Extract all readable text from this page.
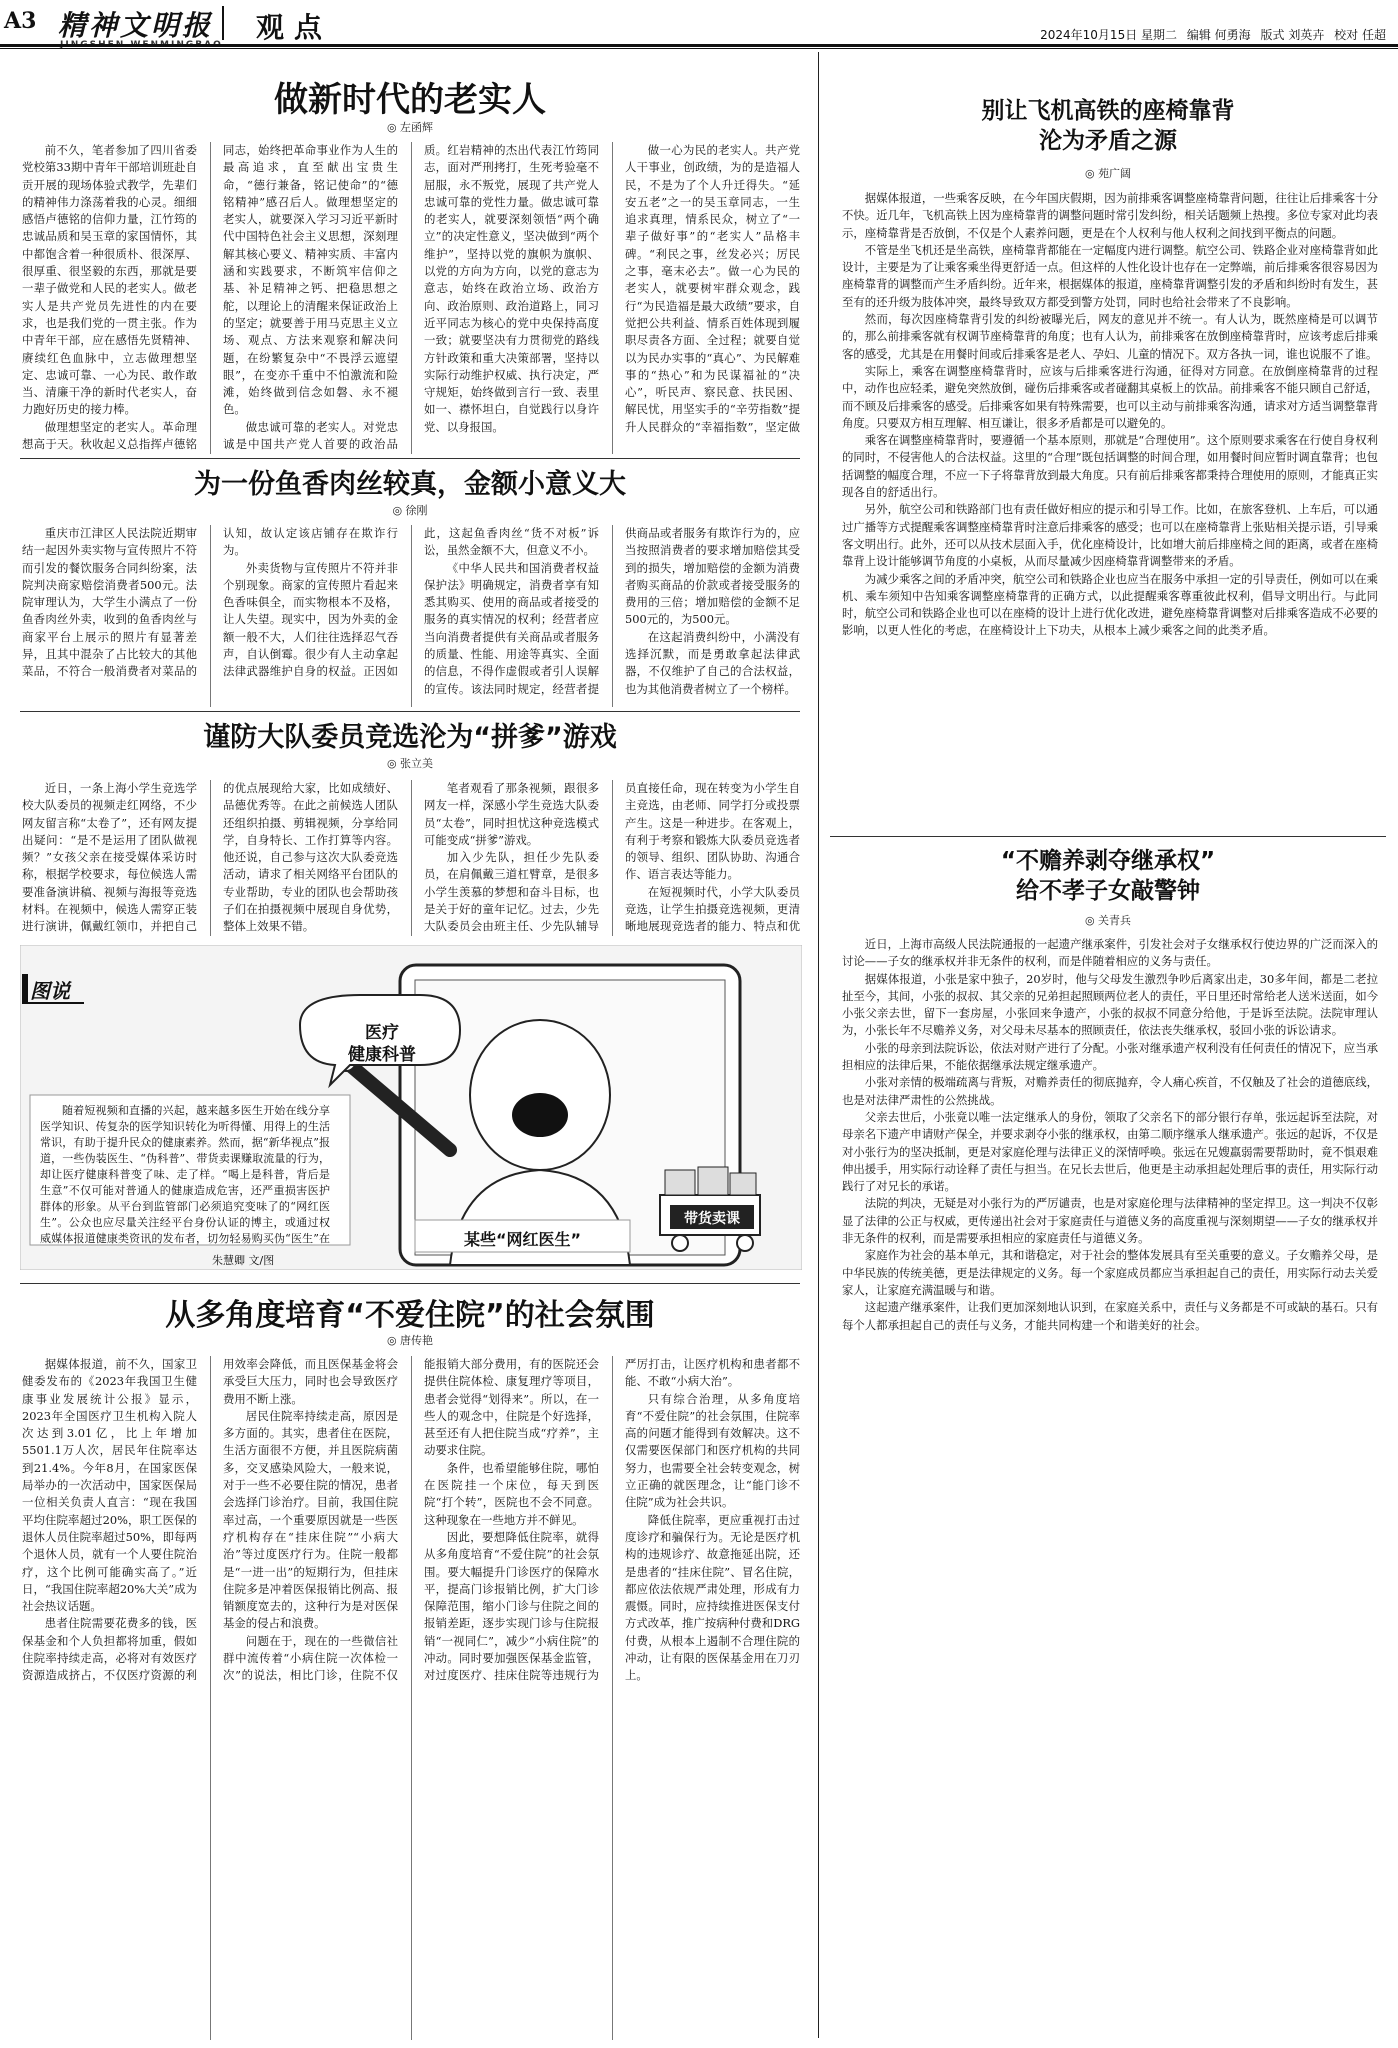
A3 精神文明报 观点	2024年10月15日 星期二 编辑 何勇海 版式 刘英卉 校对 任超
做新时代的老实人
◎ 左函辉

前不久，笔者参加了四川省委党校第33期中青年干部培训班赴自贡开展的现场体验式教学，先辈们的精神伟力涤荡着我的心灵。细细感悟卢德铭的信仰力量，江竹筠的忠诚品质和吴玉章的家国情怀，其中都饱含着一种很质朴、很深厚、很厚重、很坚毅的东西，那就是要一辈子做党和人民的老实人。做老实人是共产党员先进性的内在要求，也是我们党的一贯主张。作为中青年干部，应在感悟先贤精神、赓续红色血脉中，立志做理想坚定、忠诚可靠、一心为民、敢作敢当、清廉干净的新时代老实人，奋力跑好历史的接力棒。

做理想坚定的老实人。革命理想高于天。秋收起义总指挥卢德铭同志，始终把革命事业作为人生的最高追求，直至献出宝贵生命，“德行兼备，铭记使命”的“德铭精神”感召后人。做理想坚定的老实人，就要深入学习习近平新时代中国特色社会主义思想，深刻理解其核心要义、精神实质、丰富内涵和实践要求，不断筑牢信仰之基、补足精神之钙、把稳思想之舵，以理论上的清醒来保证政治上的坚定；就要善于用马克思主义立场、观点、方法来观察和解决问题，在纷繁复杂中“不畏浮云遮望眼”，在变亦千重中不怕激流和险滩，始终做到信念如磐、永不褪色。

做忠诚可靠的老实人。对党忠诚是中国共产党人首要的政治品质。红岩精神的杰出代表江竹筠同志，面对严刑拷打，生死考验毫不屈服，永不叛党，展现了共产党人忠诚可靠的党性力量。做忠诚可靠的老实人，就要深刻领悟“两个确立”的决定性意义，坚决做到“两个维护”，坚持以党的旗帜为旗帜、以党的方向为方向，以党的意志为意志，始终在政治立场、政治方向、政治原则、政治道路上，同习近平同志为核心的党中央保持高度一致；就要坚决有力贯彻党的路线方针政策和重大决策部署，坚持以实际行动维护权威、执行决定，严守规矩，始终做到言行一致、表里如一、襟怀坦白，自觉践行以身许党、以身报国。

做一心为民的老实人。共产党人干事业，创政绩，为的是造福人民，不是为了个人升迁得失。“延安五老”之一的吴玉章同志，一生追求真理，情系民众，树立了“一辈子做好事”的“老实人”品格丰碑。“利民之事，丝发必兴；厉民之事，毫末必去”。做一心为民的老实人，就要树牢群众观念，践行“为民造福是最大政绩”要求，自觉把公共利益、情系百姓体现到履职尽责各方面、全过程；就要自觉以为民办实事的“真心”、为民解难事的“热心”和为民谋福祉的“决心”，听民声、察民意、扶民困、解民忧，用坚实手的“辛劳指数”提升人民群众的“幸福指数”，坚定做

为一份鱼香肉丝较真，金额小意义大
◎ 徐刚

重庆市江津区人民法院近期审结一起因外卖实物与宣传照片不符而引发的餐饮服务合同纠纷案，法院判决商家赔偿消费者500元。法院审理认为，大学生小满点了一份鱼香肉丝外卖，收到的鱼香肉丝与商家平台上展示的照片有显著差异，且其中混杂了占比较大的其他菜品，不符合一般消费者对菜品的认知，故认定该店铺存在欺诈行为。

外卖货物与宣传照片不符并非个别现象。商家的宣传照片看起来色香味俱全，而实物根本不及格，让人失望。现实中，因为外卖的金额一般不大，人们往往选择忍气吞声，自认倒霉。很少有人主动拿起法律武器维护自身的权益。正因如此，这起鱼香肉丝“货不对板”诉讼，虽然金额不大，但意义不小。

《中华人民共和国消费者权益保护法》明确规定，消费者享有知悉其购买、使用的商品或者接受的服务的真实情况的权利；经营者应当向消费者提供有关商品或者服务的质量、性能、用途等真实、全面的信息，不得作虚假或者引人误解的宣传。该法同时规定，经营者提供商品或者服务有欺诈行为的，应当按照消费者的要求增加赔偿其受到的损失，增加赔偿的金额为消费者购买商品的价款或者接受服务的费用的三倍；增加赔偿的金额不足500元的，为500元。

在这起消费纠纷中，小满没有选择沉默，而是勇敢拿起法律武器，不仅维护了自己的合法权益，也为其他消费者树立了一个榜样。

谨防大队委员竞选沦为“拼爹”游戏
◎ 张立美

近日，一条上海小学生竞选学校大队委员的视频走红网络，不少网友留言称“太卷了”，还有网友提出疑问：“是不是运用了团队做视频？”女孩父亲在接受媒体采访时称，根据学校要求，每位候选人需要准备演讲稿、视频与海报等竞选材料。在视频中，候选人需穿正装进行演讲，佩戴红领巾，并把自己的优点展现给大家，比如成绩好、品德优秀等。在此之前候选人团队还组织拍摄、剪辑视频，分享给同学，自身特长、工作打算等内容。他还说，自己参与这次大队委竞选活动，请求了相关网络平台团队的专业帮助，专业的团队也会帮助孩子们在拍摄视频中展现自身优势，整体上效果不错。

笔者观看了那条视频，跟很多网友一样，深感小学生竞选大队委员“太卷”，同时担忧这种竞选模式可能变成“拼爹”游戏。

加入少先队，担任少先队委员，在肩佩戴三道杠臂章，是很多小学生羡慕的梦想和奋斗目标，也是关于好的童年记忆。过去，少先大队委员会由班主任、少先队辅导员直接任命，现在转变为小学生自主竞选，由老师、同学打分或投票产生。这是一种进步。在客观上，有利于考察和锻炼大队委员竞选者的领导、组织、团队协助、沟通合作、语言表达等能力。

在短视频时代，小学大队委员竞选，让学生拍摄竞选视频，更清晰地展现竞选者的能力、特点和优

图说
医疗
健康科普
带货卖课
某些“网红医生”

随着短视频和直播的兴起，越来越多医生开始在线分享医学知识、传复杂的医学知识转化为听得懂、用得上的生活常识，有助于提升民众的健康素养。然而，据“新华视点”报道，一些伪装医生、“伪科普”、带货卖课赚取流量的行为，却让医疗健康科普变了味、走了样。“喝上是科普，背后是生意”不仅可能对普通人的健康造成危害，还严重损害医护群体的形象。从平台到监管部门必须追究变味了的“网红医生”。公众也应尽量关注经平台身份认证的博主，或通过权威媒体报道健康类资讯的发布者，切勿轻易购买伪“医生”在

朱慧卿 文/图
从多角度培育“不爱住院”的社会氛围
◎ 唐传艳

据媒体报道，前不久，国家卫健委发布的《2023年我国卫生健康事业发展统计公报》显示，2023年全国医疗卫生机构入院人次达到3.01亿，比上年增加5501.1万人次，居民年住院率达到21.4%。今年8月，在国家医保局举办的一次活动中，国家医保局一位相关负责人直言：“现在我国平均住院率超过20%，职工医保的退休人员住院率超过50%，即每两个退休人员，就有一个人要住院治疗，这个比例可能确实高了。”近日，“我国住院率超20%大关”成为社会热议话题。

患者住院需要花费多的钱，医保基金和个人负担都将加重，假如住院率持续走高，必将对有效医疗资源造成挤占，不仅医疗资源的利用效率会降低，而且医保基金将会承受巨大压力，同时也会导致医疗费用不断上涨。

居民住院率持续走高，原因是多方面的。其实，患者住在医院，生活方面很不方便，并且医院病菌多，交叉感染风险大，一般来说，对于一些不必要住院的情况，患者会选择门诊治疗。目前，我国住院率过高，一个重要原因就是一些医疗机构存在“挂床住院”“小病大治”等过度医疗行为。住院一般都是“一进一出”的短期行为，但挂床住院多是冲着医保报销比例高、报销额度宽去的，这种行为是对医保基金的侵占和浪费。

问题在于，现在的一些微信社群中流传着“小病住院一次体检一次”的说法，相比门诊，住院不仅能报销大部分费用，有的医院还会提供住院体检、康复理疗等项目，患者会觉得“划得来”。所以，在一些人的观念中，住院是个好选择，甚至还有人把住院当成“疗养”，主动要求住院。

条件，也希望能够住院，哪怕在医院挂一个床位，每天到医院“打个转”，医院也不会不同意。这种现象在一些地方并不鲜见。

因此，要想降低住院率，就得从多角度培育“不爱住院”的社会氛围。要大幅提升门诊医疗的保障水平，提高门诊报销比例，扩大门诊保障范围，缩小门诊与住院之间的报销差距，逐步实现门诊与住院报销“一视同仁”，减少“小病住院”的冲动。同时要加强医保基金监管，对过度医疗、挂床住院等违规行为严厉打击，让医疗机构和患者都不能、不敢“小病大治”。

只有综合治理，从多角度培育“不爱住院”的社会氛围，住院率高的问题才能得到有效解决。这不仅需要医保部门和医疗机构的共同努力，也需要全社会转变观念，树立正确的就医理念，让“能门诊不住院”成为社会共识。

降低住院率，更应重视打击过度诊疗和骗保行为。无论是医疗机构的违规诊疗、故意拖延出院，还是患者的“挂床住院”、冒名住院，都应依法依规严肃处理，形成有力震慑。同时，应持续推进医保支付方式改革，推广按病种付费和DRG付费，从根本上遏制不合理住院的冲动，让有限的医保基金用在刀刃上。

别让飞机高铁的座椅靠背
沦为矛盾之源
◎ 苑广阔

据媒体报道，一些乘客反映，在今年国庆假期，因为前排乘客调整座椅靠背问题，往往让后排乘客十分不快。近几年，飞机高铁上因为座椅靠背的调整问题时常引发纠纷，相关话题频上热搜。多位专家对此均表示，座椅靠背是否放倒，不仅是个人素养问题，更是在个人权利与他人权利之间找到平衡点的问题。

不管是坐飞机还是坐高铁，座椅靠背都能在一定幅度内进行调整。航空公司、铁路企业对座椅靠背如此设计，主要是为了让乘客乘坐得更舒适一点。但这样的人性化设计也存在一定弊端，前后排乘客很容易因为座椅靠背的调整而产生矛盾纠纷。近年来，根据媒体的报道，座椅靠背调整引发的矛盾和纠纷时有发生，甚至有的还升级为肢体冲突，最终导致双方都受到警方处罚，同时也给社会带来了不良影响。

然而，每次因座椅靠背引发的纠纷被曝光后，网友的意见并不统一。有人认为，既然座椅是可以调节的，那么前排乘客就有权调节座椅靠背的角度；也有人认为，前排乘客在放倒座椅靠背时，应该考虑后排乘客的感受，尤其是在用餐时间或后排乘客是老人、孕妇、儿童的情况下。双方各执一词，谁也说服不了谁。

实际上，乘客在调整座椅靠背时，应该与后排乘客进行沟通，征得对方同意。在放倒座椅靠背的过程中，动作也应轻柔，避免突然放倒，碰伤后排乘客或者碰翻其桌板上的饮品。前排乘客不能只顾自己舒适，而不顾及后排乘客的感受。后排乘客如果有特殊需要，也可以主动与前排乘客沟通，请求对方适当调整靠背角度。只要双方相互理解、相互谦让，很多矛盾都是可以避免的。

乘客在调整座椅靠背时，要遵循一个基本原则，那就是“合理使用”。这个原则要求乘客在行使自身权利的同时，不侵害他人的合法权益。这里的“合理”既包括调整的时间合理，如用餐时间应暂时调直靠背；也包括调整的幅度合理，不应一下子将靠背放到最大角度。只有前后排乘客都秉持合理使用的原则，才能真正实现各自的舒适出行。

另外，航空公司和铁路部门也有责任做好相应的提示和引导工作。比如，在旅客登机、上车后，可以通过广播等方式提醒乘客调整座椅靠背时注意后排乘客的感受；也可以在座椅靠背上张贴相关提示语，引导乘客文明出行。此外，还可以从技术层面入手，优化座椅设计，比如增大前后排座椅之间的距离，或者在座椅靠背上设计能够调节角度的小桌板，从而尽量减少因座椅靠背调整带来的矛盾。

为减少乘客之间的矛盾冲突，航空公司和铁路企业也应当在服务中承担一定的引导责任，例如可以在乘机、乘车须知中告知乘客调整座椅靠背的正确方式，以此提醒乘客尊重彼此权利，倡导文明出行。与此同时，航空公司和铁路企业也可以在座椅的设计上进行优化改进，避免座椅靠背调整对后排乘客造成不必要的影响，以更人性化的考虑，在座椅设计上下功夫，从根本上减少乘客之间的此类矛盾。

“不赡养剥夺继承权”
给不孝子女敲警钟
◎ 关青兵

近日，上海市高级人民法院通报的一起遗产继承案件，引发社会对子女继承权行使边界的广泛而深入的讨论——子女的继承权并非无条件的权利，而是伴随着相应的义务与责任。

据媒体报道，小张是家中独子，20岁时，他与父母发生激烈争吵后离家出走，30多年间，都是二老拉扯至今，其间，小张的叔叔、其父亲的兄弟担起照顾两位老人的责任，平日里还时常给老人送米送面，如今小张父亲去世，留下一套房屋，小张回来争遗产，小张的叔叔不同意分给他，于是诉至法院。法院审理认为，小张长年不尽赡养义务，对父母未尽基本的照顾责任，依法丧失继承权，驳回小张的诉讼请求。

小张的母亲到法院诉讼，依法对财产进行了分配。小张对继承遗产权利没有任何责任的情况下，应当承担相应的法律后果，不能依据继承法规定继承遗产。

小张对亲情的极端疏离与背叛，对赡养责任的彻底抛弃，令人痛心疾首，不仅触及了社会的道德底线，也是对法律严肃性的公然挑战。

父亲去世后，小张竟以唯一法定继承人的身份，领取了父亲名下的部分银行存单，张远起诉至法院，对母亲名下遗产申请财产保全，并要求剥夺小张的继承权，由第二顺序继承人继承遗产。张远的起诉，不仅是对小张行为的坚决抵制，更是对家庭伦理与法律正义的深情呼唤。张远在兄嫂羸弱需要帮助时，竟不惧艰难伸出援手，用实际行动诠释了责任与担当。在兄长去世后，他更是主动承担起处理后事的责任，用实际行动践行了对兄长的承诺。

法院的判决，无疑是对小张行为的严厉谴责，也是对家庭伦理与法律精神的坚定捍卫。这一判决不仅彰显了法律的公正与权威，更传递出社会对于家庭责任与道德义务的高度重视与深刻期望——子女的继承权并非无条件的权利，而是需要承担相应的家庭责任与道德义务。

家庭作为社会的基本单元，其和谐稳定，对于社会的整体发展具有至关重要的意义。子女赡养父母，是中华民族的传统美德，更是法律规定的义务。每一个家庭成员都应当承担起自己的责任，用实际行动去关爱家人，让家庭充满温暖与和谐。

这起遗产继承案件，让我们更加深刻地认识到，在家庭关系中，责任与义务都是不可或缺的基石。只有每个人都承担起自己的责任与义务，才能共同构建一个和谐美好的社会。
